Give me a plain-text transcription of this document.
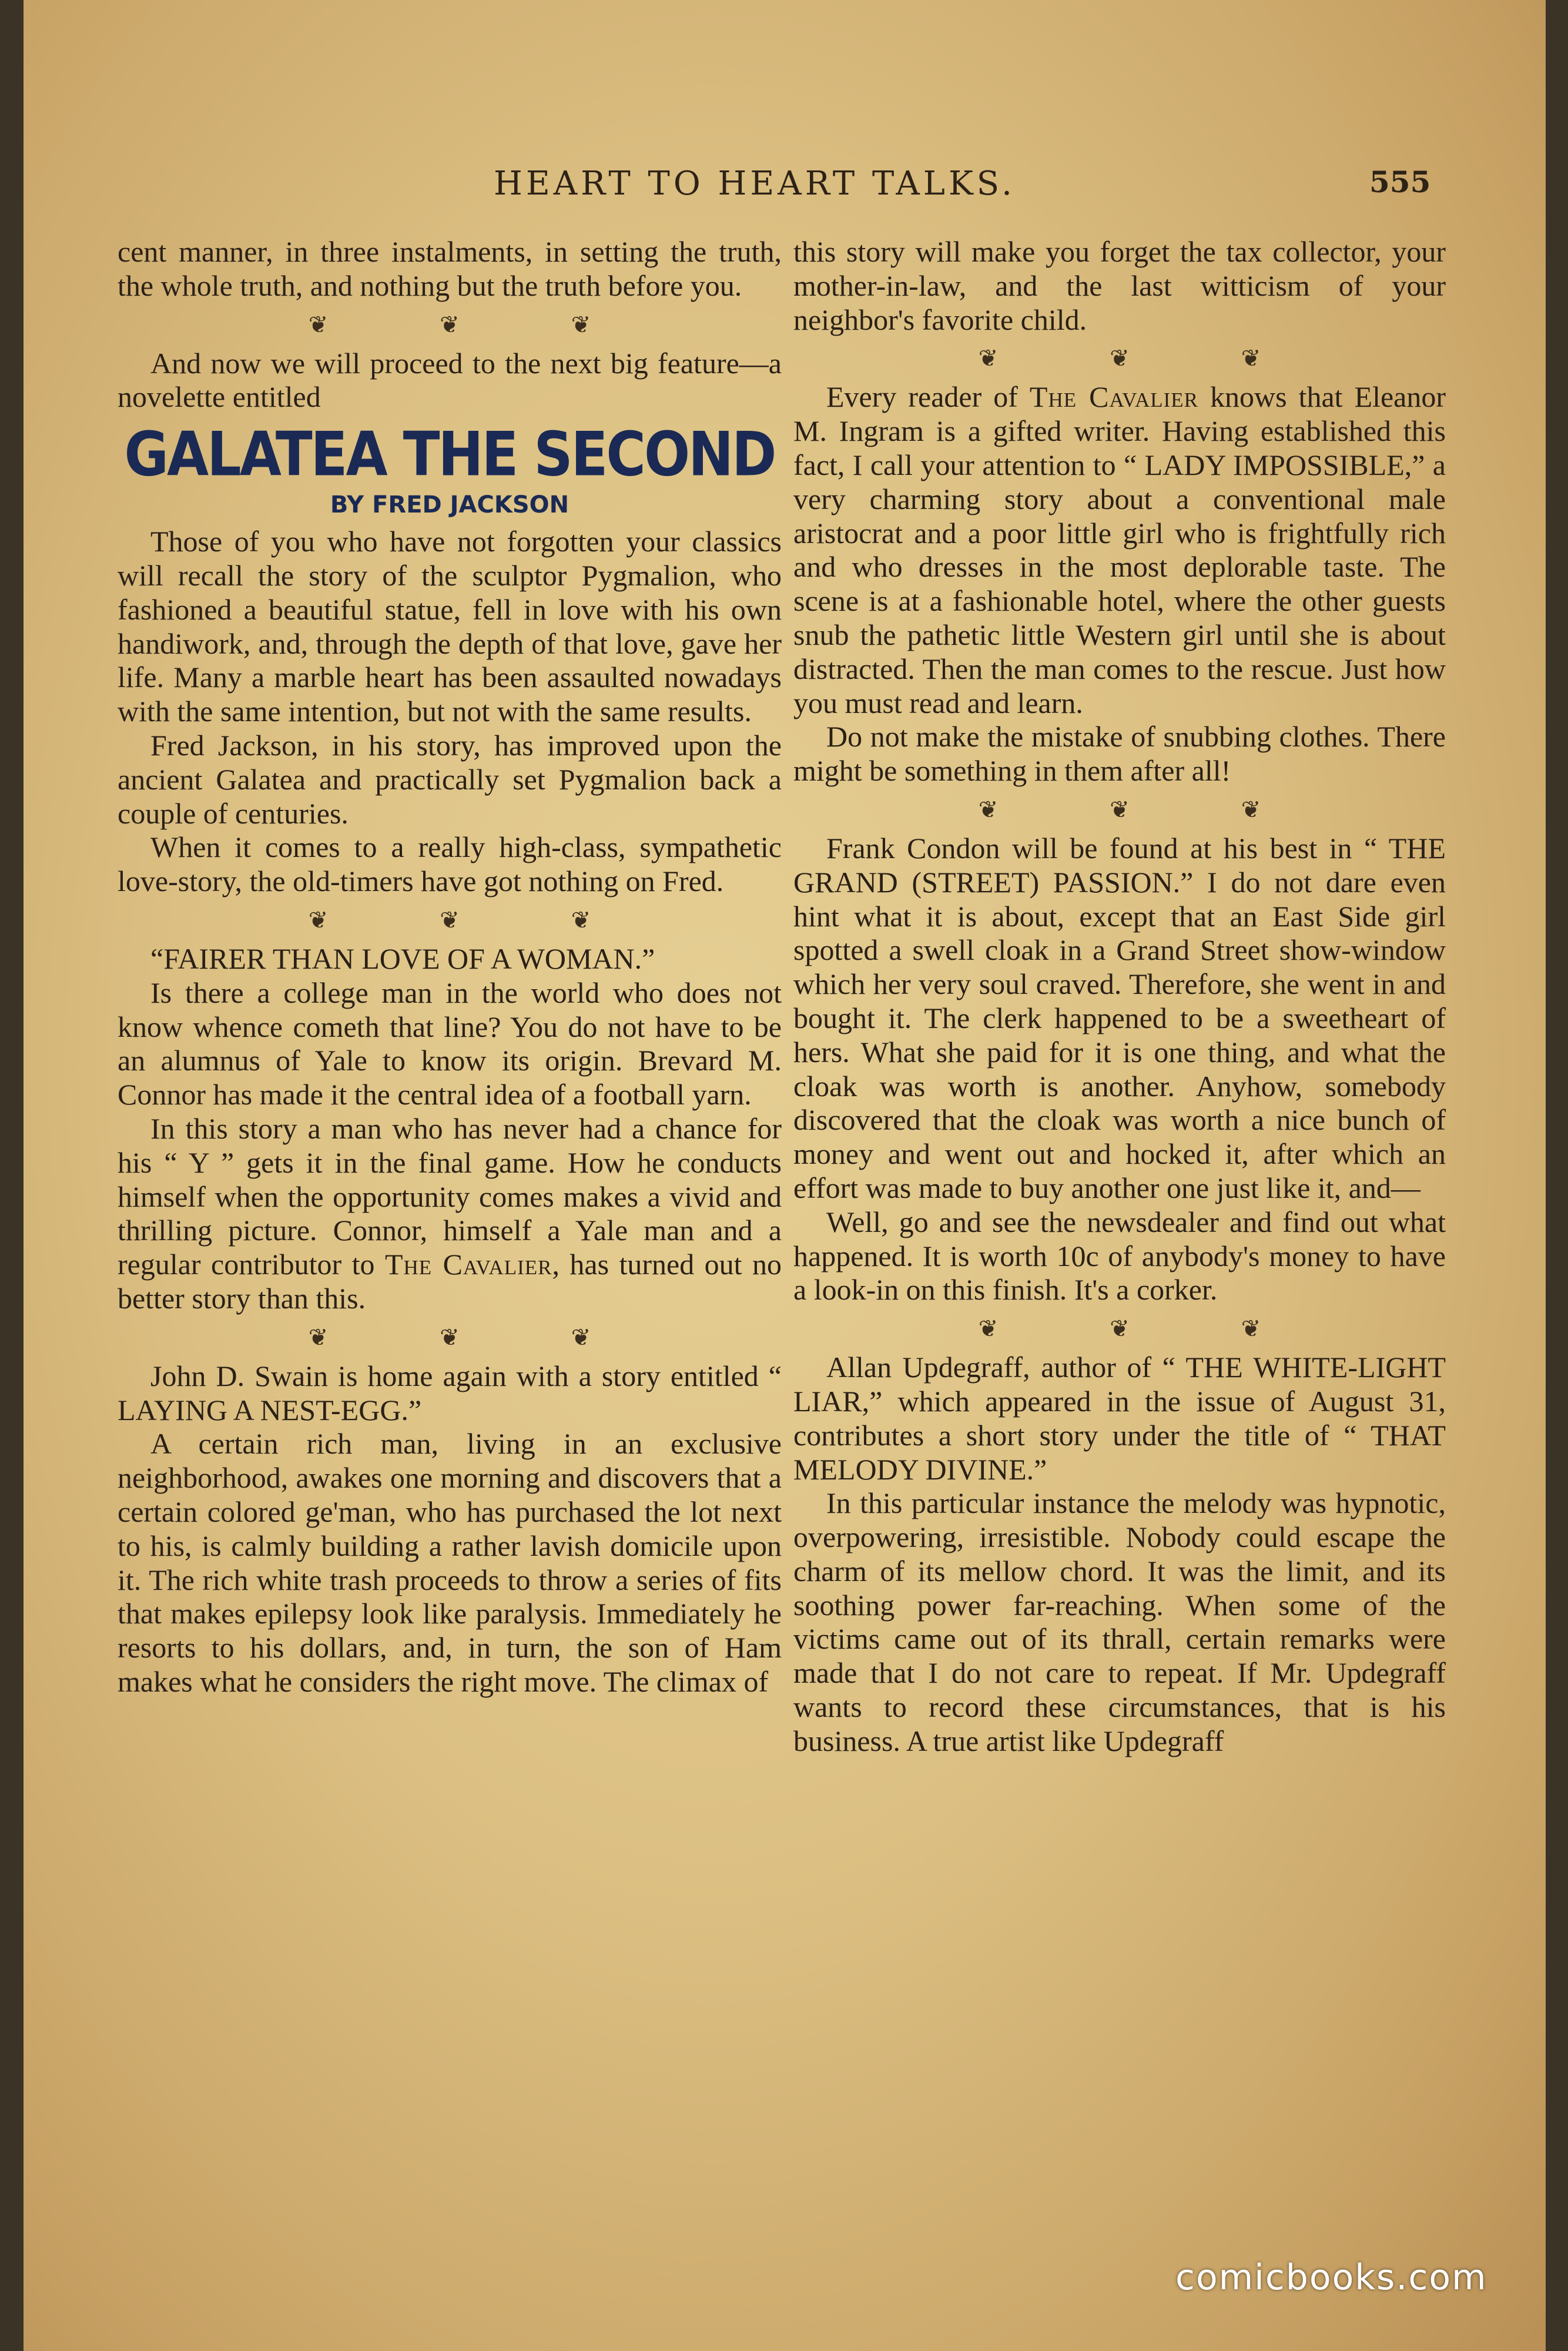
HEART TO HEART TALKS.	555

cent manner, in three instalments, in setting the truth, the whole truth, and nothing but the truth before you.

❦	❦	❦

And now we will proceed to the next big feature—a novelette entitled

GALATEA THE SECOND
BY FRED JACKSON

Those of you who have not forgotten your classics will recall the story of the sculptor Pygmalion, who fashioned a beautiful statue, fell in love with his own handiwork, and, through the depth of that love, gave her life. Many a marble heart has been assaulted nowadays with the same intention, but not with the same results.

Fred Jackson, in his story, has improved upon the ancient Galatea and practically set Pygmalion back a couple of centuries.

When it comes to a really high-class, sympathetic love-story, the old-timers have got nothing on Fred.

❦	❦	❦

“FAIRER THAN LOVE OF A WOMAN.”

Is there a college man in the world who does not know whence cometh that line? You do not have to be an alumnus of Yale to know its origin. Brevard M. Connor has made it the central idea of a football yarn.

In this story a man who has never had a chance for his “ Y ” gets it in the final game. How he conducts himself when the opportunity comes makes a vivid and thrilling picture. Connor, himself a Yale man and a regular contributor to The Cavalier, has turned out no better story than this.

❦	❦	❦

John D. Swain is home again with a story entitled “ LAYING A NEST-EGG.”

A certain rich man, living in an exclusive neighborhood, awakes one morning and discovers that a certain colored ge'man, who has purchased the lot next to his, is calmly building a rather lavish domicile upon it. The rich white trash proceeds to throw a series of fits that makes epilepsy look like paralysis. Immediately he resorts to his dollars, and, in turn, the son of Ham makes what he considers the right move. The climax of

this story will make you forget the tax collector, your mother-in-law, and the last witticism of your neighbor's favorite child.

❦	❦	❦

Every reader of The Cavalier knows that Eleanor M. Ingram is a gifted writer. Having established this fact, I call your attention to “ LADY IMPOSSIBLE,” a very charming story about a conventional male aristocrat and a poor little girl who is frightfully rich and who dresses in the most deplorable taste. The scene is at a fashionable hotel, where the other guests snub the pathetic little Western girl until she is about distracted. Then the man comes to the rescue. Just how you must read and learn.

Do not make the mistake of snubbing clothes. There might be something in them after all!

❦	❦	❦

Frank Condon will be found at his best in “ THE GRAND (STREET) PASSION.” I do not dare even hint what it is about, except that an East Side girl spotted a swell cloak in a Grand Street show-window which her very soul craved. Therefore, she went in and bought it. The clerk happened to be a sweetheart of hers. What she paid for it is one thing, and what the cloak was worth is another. Anyhow, somebody discovered that the cloak was worth a nice bunch of money and went out and hocked it, after which an effort was made to buy another one just like it, and—

Well, go and see the newsdealer and find out what happened. It is worth 10c of anybody's money to have a look-in on this finish. It's a corker.

❦	❦	❦

Allan Updegraff, author of “ THE WHITE-LIGHT LIAR,” which appeared in the issue of August 31, contributes a short story under the title of “ THAT MELODY DIVINE.”

In this particular instance the melody was hypnotic, overpowering, irresistible. Nobody could escape the charm of its mellow chord. It was the limit, and its soothing power far-reaching. When some of the victims came out of its thrall, certain remarks were made that I do not care to repeat. If Mr. Updegraff wants to record these circumstances, that is his business. A true artist like Updegraff

comicbooks.com
